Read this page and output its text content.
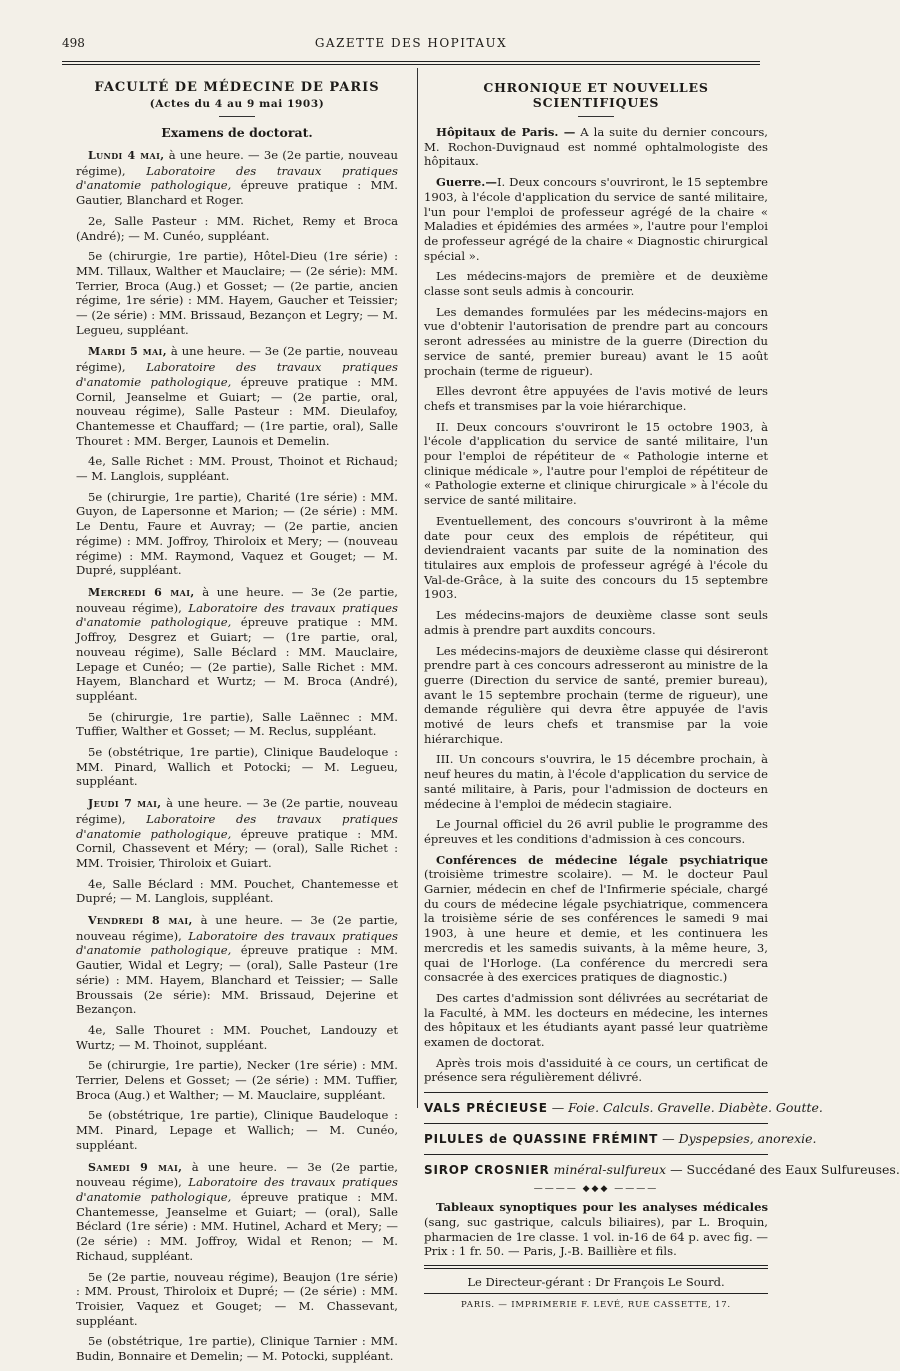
498	GAZETTE DES HOPITAUX
FACULTÉ DE MÉDECINE DE PARIS
(Actes du 4 au 9 mai 1903)
Examens de doctorat.

Lundi 4 mai, à une heure. — 3e (2e partie, nouveau régime), Laboratoire des travaux pratiques d'anatomie pathologique, épreuve pratique : MM. Gautier, Blanchard et Roger.

2e, Salle Pasteur : MM. Richet, Remy et Broca (André); — M. Cunéo, suppléant.

5e (chirurgie, 1re partie), Hôtel-Dieu (1re série) : MM. Tillaux, Walther et Mauclaire; — (2e série): MM. Terrier, Broca (Aug.) et Gosset; — (2e partie, ancien régime, 1re série) : MM. Hayem, Gaucher et Teissier; — (2e série) : MM. Brissaud, Bezançon et Legry; — M. Legueu, suppléant.

Mardi 5 mai, à une heure. — 3e (2e partie, nouveau régime), Laboratoire des travaux pratiques d'anatomie pathologique, épreuve pratique : MM. Cornil, Jeanselme et Guiart; — (2e partie, oral, nouveau régime), Salle Pasteur : MM. Dieulafoy, Chantemesse et Chauffard; — (1re partie, oral), Salle Thouret : MM. Berger, Launois et Demelin.

4e, Salle Richet : MM. Proust, Thoinot et Richaud; — M. Langlois, suppléant.

5e (chirurgie, 1re partie), Charité (1re série) : MM. Guyon, de Lapersonne et Marion; — (2e série) : MM. Le Dentu, Faure et Auvray; — (2e partie, ancien régime) : MM. Joffroy, Thiroloix et Mery; — (nouveau régime) : MM. Raymond, Vaquez et Gouget; — M. Dupré, suppléant.

Mercredi 6 mai, à une heure. — 3e (2e partie, nouveau régime), Laboratoire des travaux pratiques d'anatomie pathologique, épreuve pratique : MM. Joffroy, Desgrez et Guiart; — (1re partie, oral, nouveau régime), Salle Béclard : MM. Mauclaire, Lepage et Cunéo; — (2e partie), Salle Richet : MM. Hayem, Blanchard et Wurtz; — M. Broca (André), suppléant.

5e (chirurgie, 1re partie), Salle Laënnec : MM. Tuffier, Walther et Gosset; — M. Reclus, suppléant.

5e (obstétrique, 1re partie), Clinique Baudeloque : MM. Pinard, Wallich et Potocki; — M. Legueu, suppléant.

Jeudi 7 mai, à une heure. — 3e (2e partie, nouveau régime), Laboratoire des travaux pratiques d'anatomie pathologique, épreuve pratique : MM. Cornil, Chassevent et Méry; — (oral), Salle Richet : MM. Troisier, Thiroloix et Guiart.

4e, Salle Béclard : MM. Pouchet, Chantemesse et Dupré; — M. Langlois, suppléant.

Vendredi 8 mai, à une heure. — 3e (2e partie, nouveau régime), Laboratoire des travaux pratiques d'anatomie pathologique, épreuve pratique : MM. Gautier, Widal et Legry; — (oral), Salle Pasteur (1re série) : MM. Hayem, Blanchard et Teissier; — Salle Broussais (2e série): MM. Brissaud, Dejerine et Bezançon.

4e, Salle Thouret : MM. Pouchet, Landouzy et Wurtz; — M. Thoinot, suppléant.

5e (chirurgie, 1re partie), Necker (1re série) : MM. Terrier, Delens et Gosset; — (2e série) : MM. Tuffier, Broca (Aug.) et Walther; — M. Mauclaire, suppléant.

5e (obstétrique, 1re partie), Clinique Baudeloque : MM. Pinard, Lepage et Wallich; — M. Cunéo, suppléant.

Samedi 9 mai, à une heure. — 3e (2e partie, nouveau régime), Laboratoire des travaux pratiques d'anatomie pathologique, épreuve pratique : MM. Chantemesse, Jeanselme et Guiart; — (oral), Salle Béclard (1re série) : MM. Hutinel, Achard et Mery; — (2e série) : MM. Joffroy, Widal et Renon; — M. Richaud, suppléant.

5e (2e partie, nouveau régime), Beaujon (1re série) : MM. Proust, Thiroloix et Dupré; — (2e série) : MM. Troisier, Vaquez et Gouget; — M. Chassevant, suppléant.

5e (obstétrique, 1re partie), Clinique Tarnier : MM. Budin, Bonnaire et Demelin; — M. Potocki, suppléant.

CHRONIQUE ET NOUVELLES SCIENTIFIQUES

Hôpitaux de Paris. — A la suite du dernier concours, M. Rochon-Duvignaud est nommé ophtalmologiste des hôpitaux.

Guerre.—I. Deux concours s'ouvriront, le 15 septembre 1903, à l'école d'application du service de santé militaire, l'un pour l'emploi de professeur agrégé de la chaire « Maladies et épidémies des armées », l'autre pour l'emploi de professeur agrégé de la chaire « Diagnostic chirurgical spécial ».

Les médecins-majors de première et de deuxième classe sont seuls admis à concourir.

Les demandes formulées par les médecins-majors en vue d'obtenir l'autorisation de prendre part au concours seront adressées au ministre de la guerre (Direction du service de santé, premier bureau) avant le 15 août prochain (terme de rigueur).

Elles devront être appuyées de l'avis motivé de leurs chefs et transmises par la voie hiérarchique.

II. Deux concours s'ouvriront le 15 octobre 1903, à l'école d'application du service de santé militaire, l'un pour l'emploi de répétiteur de « Pathologie interne et clinique médicale », l'autre pour l'emploi de répétiteur de « Pathologie externe et clinique chirurgicale » à l'école du service de santé militaire.

Eventuellement, des concours s'ouvriront à la même date pour ceux des emplois de répétiteur, qui deviendraient vacants par suite de la nomination des titulaires aux emplois de professeur agrégé à l'école du Val-de-Grâce, à la suite des concours du 15 septembre 1903.

Les médecins-majors de deuxième classe sont seuls admis à prendre part auxdits concours.

Les médecins-majors de deuxième classe qui désireront prendre part à ces concours adresseront au ministre de la guerre (Direction du service de santé, premier bureau), avant le 15 septembre prochain (terme de rigueur), une demande régulière qui devra être appuyée de l'avis motivé de leurs chefs et transmise par la voie hiérarchique.

III. Un concours s'ouvrira, le 15 décembre prochain, à neuf heures du matin, à l'école d'application du service de santé militaire, à Paris, pour l'admission de docteurs en médecine à l'emploi de médecin stagiaire.

Le Journal officiel du 26 avril publie le programme des épreuves et les conditions d'admission à ces concours.

Conférences de médecine légale psychiatrique (troisième trimestre scolaire). — M. le docteur Paul Garnier, médecin en chef de l'Infirmerie spéciale, chargé du cours de médecine légale psychiatrique, commencera la troisième série de ses conférences le samedi 9 mai 1903, à une heure et demie, et les continuera les mercredis et les samedis suivants, à la même heure, 3, quai de l'Horloge. (La conférence du mercredi sera consacrée à des exercices pratiques de diagnostic.)

Des cartes d'admission sont délivrées au secrétariat de la Faculté, à MM. les docteurs en médecine, les internes des hôpitaux et les étudiants ayant passé leur quatrième examen de doctorat.

Après trois mois d'assiduité à ce cours, un certificat de présence sera régulièrement délivré.

VALS PRÉCIEUSE — Foie. Calculs. Gravelle. Diabète. Goutte.
PILULES de QUASSINE FRÉMINT — Dyspepsies, anorexie.
SIROP CROSNIER minéral-sulfureux — Succédané des Eaux Sulfureuses.
———— ◆◆◆ ————

Tableaux synoptiques pour les analyses médicales (sang, suc gastrique, calculs biliaires), par L. Broquin, pharmacien de 1re classe. 1 vol. in-16 de 64 p. avec fig. — Prix : 1 fr. 50. — Paris, J.-B. Baillière et fils.

Le Directeur-gérant : Dr François Le Sourd.
PARIS. — IMPRIMERIE F. LEVÉ, RUE CASSETTE, 17.
